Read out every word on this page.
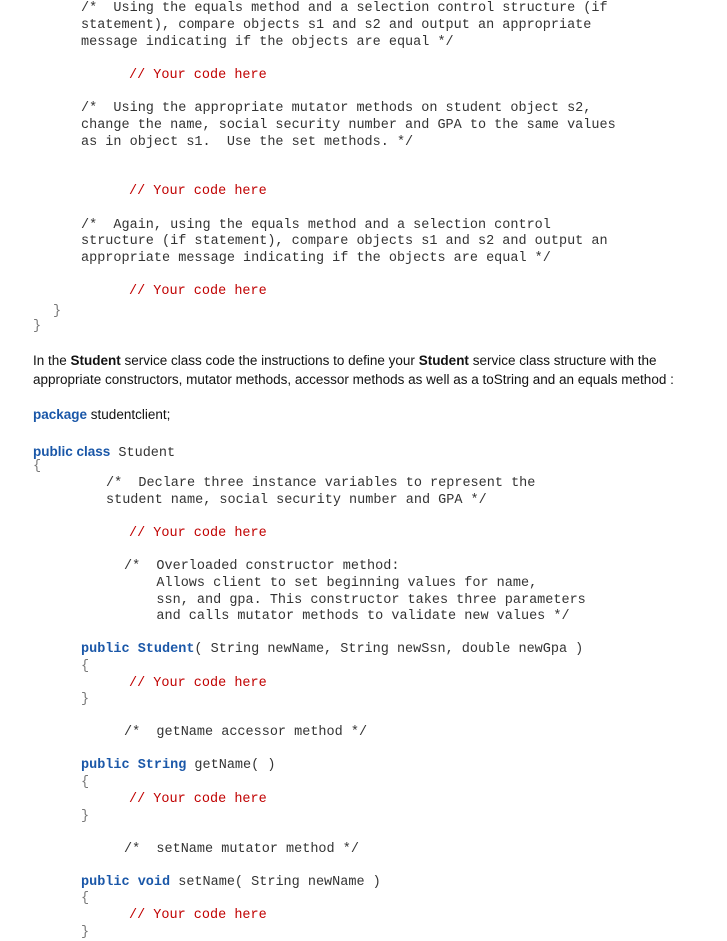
/*  Using the equals method and a selection control structure (if
statement), compare objects s1 and s2 and output an appropriate
message indicating if the objects are equal */
// Your code here
/*  Using the appropriate mutator methods on student object s2,
change the name, social security number and GPA to the same values
as in object s1.  Use the set methods. */
// Your code here
/*  Again, using the equals method and a selection control
structure (if statement), compare objects s1 and s2 and output an
appropriate message indicating if the objects are equal */
// Your code here
}
}
In the Student service class code the instructions to define your Student service class structure with the appropriate constructors, mutator methods, accessor methods as well as a toString and an equals method :
package studentclient;
public class Student
{
/*  Declare three instance variables to represent the
student name, social security number and GPA */
// Your code here
/*  Overloaded constructor method:
Allows client to set beginning values for name,
ssn, and gpa. This constructor takes three parameters
and calls mutator methods to validate new values */
public Student( String newName, String newSsn, double newGpa )
{
// Your code here
}
/*  getName accessor method */
public String getName( )
{
// Your code here
}
/*  setName mutator method */
public void setName( String newName )
{
// Your code here
}
